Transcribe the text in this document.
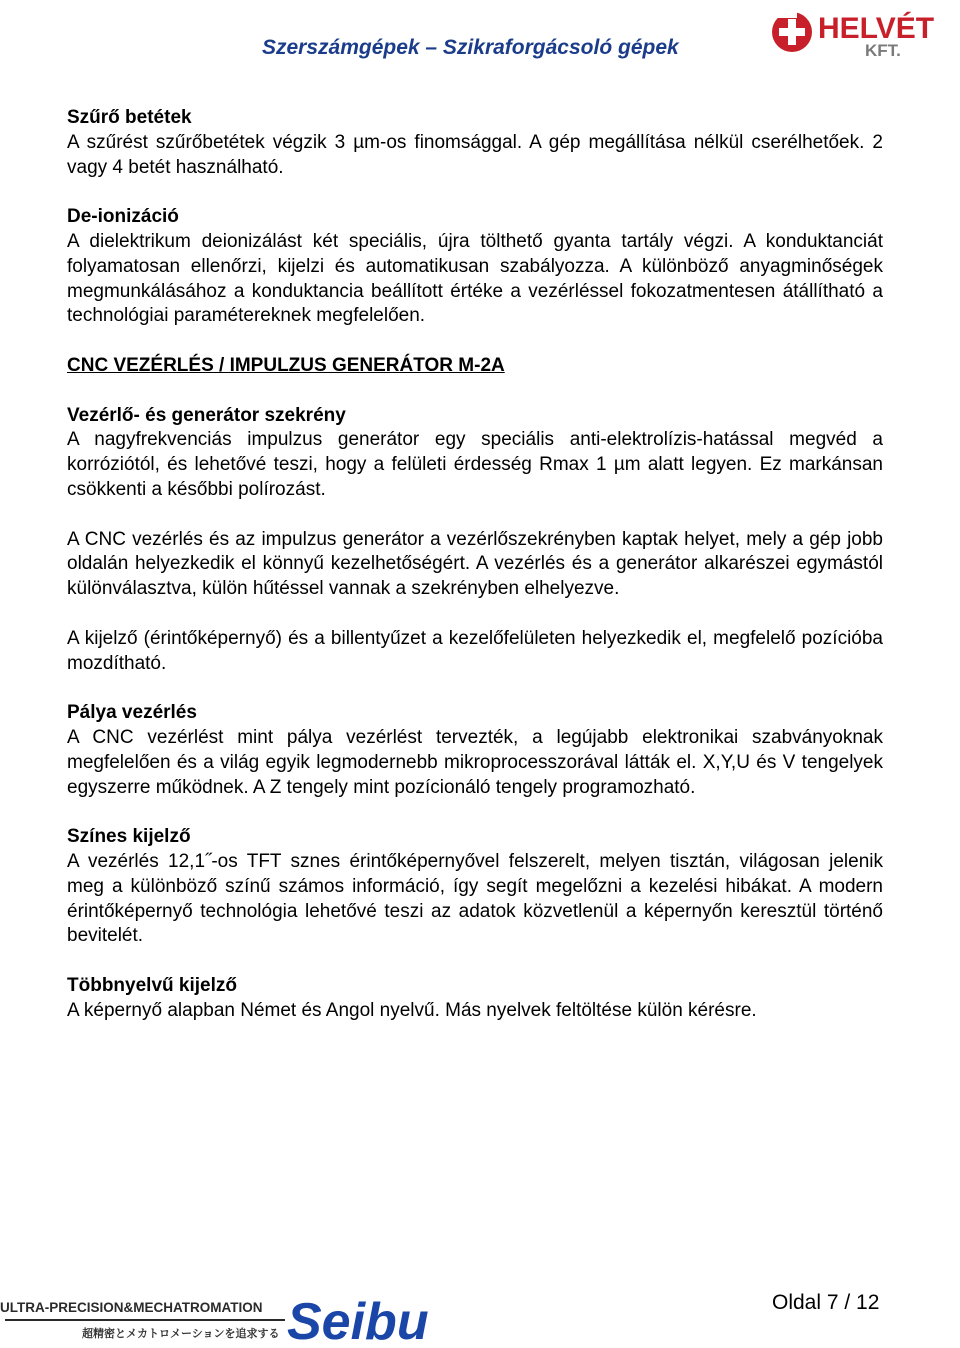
Szerszámgépek – Szikraforgácsoló gépek
HELVÉT
KFT.
Szűrő betétek

A szűrést szűrőbetétek végzik 3 µm-os finomsággal. A gép megállítása nélkül cserélhetőek. 2 vagy 4 betét használható.

De-ionizáció

A dielektrikum deionizálást két speciális, újra tölthető gyanta tartály végzi. A konduktanciát folyamatosan ellenőrzi, kijelzi és automatikusan szabályozza. A különböző anyagminőségek megmunkálásához a konduktancia beállított értéke a vezérléssel fokozatmentesen átállítható a technológiai paramétereknek megfelelően.

CNC VEZÉRLÉS / IMPULZUS GENERÁTOR M-2A
Vezérlő- és generátor szekrény

A nagyfrekvenciás impulzus generátor egy speciális anti-elektrolízis-hatással megvéd a korróziótól, és lehetővé teszi, hogy a felületi érdesség Rmax 1 µm alatt legyen. Ez markánsan csökkenti a későbbi polírozást.

A CNC vezérlés és az impulzus generátor a vezérlőszekrényben kaptak helyet, mely a gép jobb oldalán helyezkedik el könnyű kezelhetőségért. A vezérlés és a generátor alkarészei egymástól különválasztva, külön hűtéssel vannak a szekrényben elhelyezve.

A kijelző (érintőképernyő) és a billentyűzet a kezelőfelületen helyezkedik el, megfelelő pozícióba mozdítható.

Pálya vezérlés

A CNC vezérlést mint pálya vezérlést tervezték, a legújabb elektronikai szabványoknak megfelelően és a világ egyik legmodernebb mikroprocesszorával látták el. X,Y,U és V tengelyek egyszerre működnek. A Z tengely mint pozícionáló tengely programozható.

Színes kijelző

A vezérlés 12,1˝-os TFT sznes érintőképernyővel felszerelt, melyen tisztán, világosan jelenik meg a különböző színű számos információ, így segít megelőzni a kezelési hibákat. A modern érintőképernyő technológia lehetővé teszi az adatok közvetlenül a képernyőn keresztül történő bevitelét.

Többnyelvű kijelző

A képernyő alapban Német és Angol nyelvű. Más nyelvek feltöltése külön kérésre.

Oldal 7 / 12
ULTRA-PRECISION&MECHATROMATION
超精密とメカトロメーションを追求する Seibu
